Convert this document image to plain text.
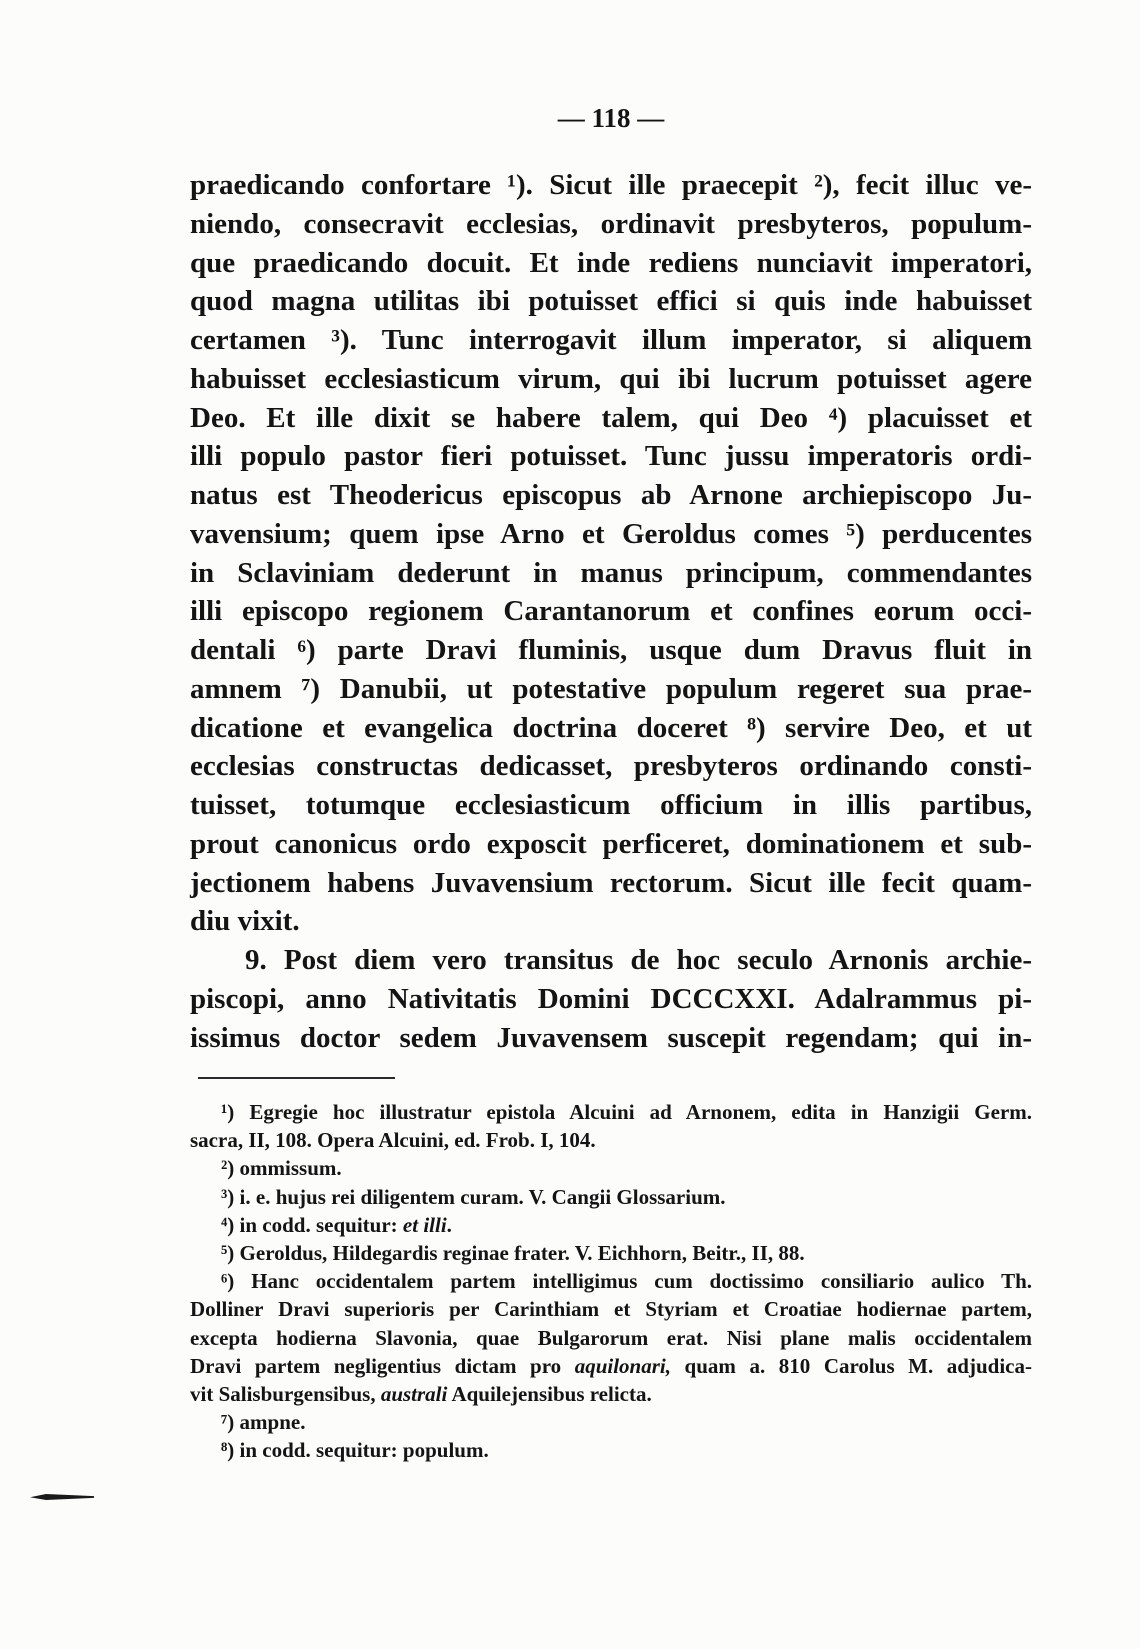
— 118 —
praedicando confortare ¹). Sicut ille praecepit ²), fecit illuc ve-
niendo, consecravit ecclesias, ordinavit presbyteros, populum-
que praedicando docuit. Et inde rediens nunciavit imperatori,
quod magna utilitas ibi potuisset effici si quis inde habuisset
certamen ³). Tunc interrogavit illum imperator, si aliquem
habuisset ecclesiasticum virum, qui ibi lucrum potuisset agere
Deo. Et ille dixit se habere talem, qui Deo ⁴) placuisset et
illi populo pastor fieri potuisset. Tunc jussu imperatoris ordi-
natus est Theodericus episcopus ab Arnone archiepiscopo Ju-
vavensium; quem ipse Arno et Geroldus comes ⁵) perducentes
in Sclaviniam dederunt in manus principum, commendantes
illi episcopo regionem Carantanorum et confines eorum occi-
dentali ⁶) parte Dravi fluminis, usque dum Dravus fluit in
amnem ⁷) Danubii, ut potestative populum regeret sua prae-
dicatione et evangelica doctrina doceret ⁸) servire Deo, et ut
ecclesias constructas dedicasset, presbyteros ordinando consti-
tuisset, totumque ecclesiasticum officium in illis partibus,
prout canonicus ordo exposcit perficeret, dominationem et sub-
jectionem habens Juvavensium rectorum. Sicut ille fecit quam-
diu vixit.
9. Post diem vero transitus de hoc seculo Arnonis archie-
piscopi, anno Nativitatis Domini DCCCXXI. Adalrammus pi-
issimus doctor sedem Juvavensem suscepit regendam; qui in-
¹) Egregie hoc illustratur epistola Alcuini ad Arnonem, edita in Hanzigii Germ.
sacra, II, 108. Opera Alcuini, ed. Frob. I, 104.
²) ommissum.
³) i. e. hujus rei diligentem curam. V. Cangii Glossarium.
⁴) in codd. sequitur: et illi.
⁵) Geroldus, Hildegardis reginae frater. V. Eichhorn, Beitr., II, 88.
⁶) Hanc occidentalem partem intelligimus cum doctissimo consiliario aulico Th.
Dolliner Dravi superioris per Carinthiam et Styriam et Croatiae hodiernae partem,
excepta hodierna Slavonia, quae Bulgarorum erat. Nisi plane malis occidentalem
Dravi partem negligentius dictam pro aquilonari, quam a. 810 Carolus M. adjudica-
vit Salisburgensibus, australi Aquilejensibus relicta.
⁷) ampne.
⁸) in codd. sequitur: populum.
